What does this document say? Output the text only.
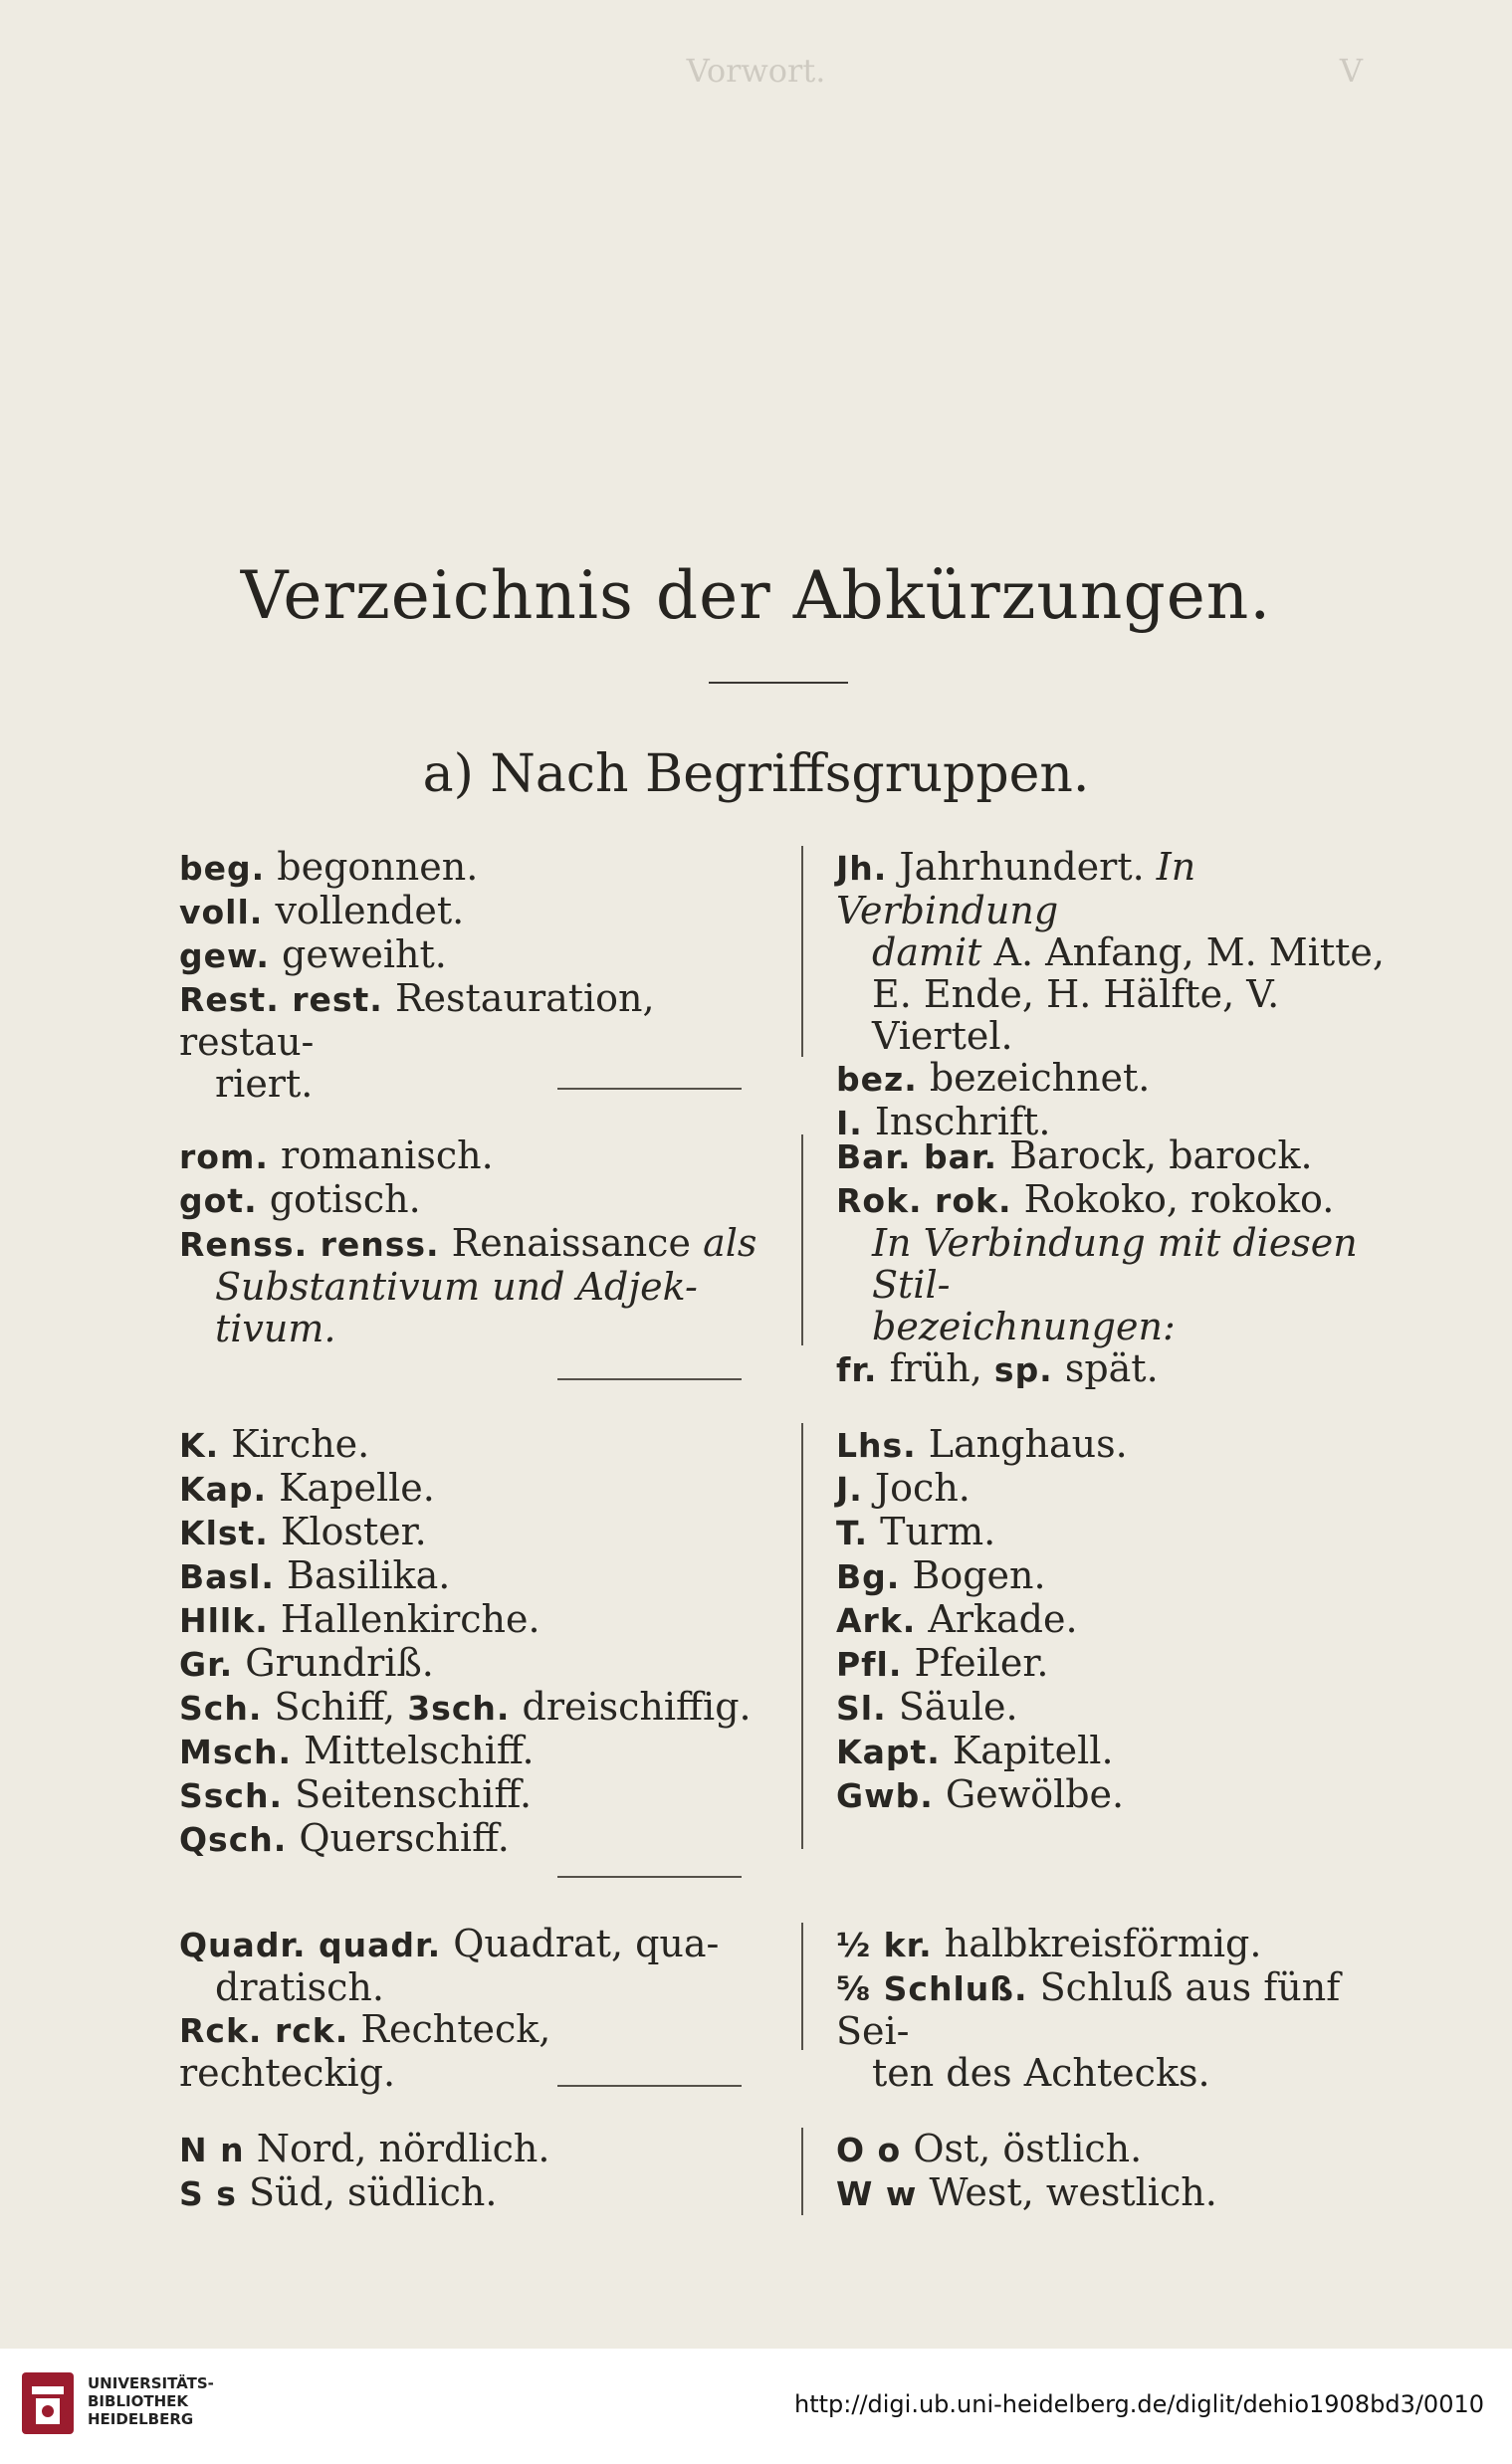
Vorwort.	V
Verzeichnis der Abkürzungen.
a) Nach Begriffsgruppen.

beg. begonnen.

voll. vollendet.

gew. geweiht.

Rest. rest. Restauration, restau-

riert.

Jh. Jahrhundert. In Verbindung

damit A. Anfang, M. Mitte,

E. Ende, H. Hälfte, V. Viertel.

bez. bezeichnet.

I. Inschrift.

rom. romanisch.

got. gotisch.

Renss. renss. Renaissance als

Substantivum und Adjek-

tivum.

Bar. bar. Barock, barock.

Rok. rok. Rokoko, rokoko.

In Verbindung mit diesen Stil-

bezeichnungen:

fr. früh, sp. spät.

K. Kirche.

Kap. Kapelle.

Klst. Kloster.

Basl. Basilika.

Hllk. Hallenkirche.

Gr. Grundriß.

Sch. Schiff, 3sch. dreischiffig.

Msch. Mittelschiff.

Ssch. Seitenschiff.

Qsch. Querschiff.

Lhs. Langhaus.

J. Joch.

T. Turm.

Bg. Bogen.

Ark. Arkade.

Pfl. Pfeiler.

Sl. Säule.

Kapt. Kapitell.

Gwb. Gewölbe.

Quadr. quadr. Quadrat, qua-

dratisch.

Rck. rck. Rechteck, rechteckig.

½ kr. halbkreisförmig.

⅝ Schluß. Schluß aus fünf Sei-

ten des Achtecks.

N n Nord, nördlich.

S s Süd, südlich.

O o Ost, östlich.

W w West, westlich.

UNIVERSITÄTS-
BIBLIOTHEK
HEIDELBERG
http://digi.ub.uni-heidelberg.de/diglit/dehio1908bd3/0010
